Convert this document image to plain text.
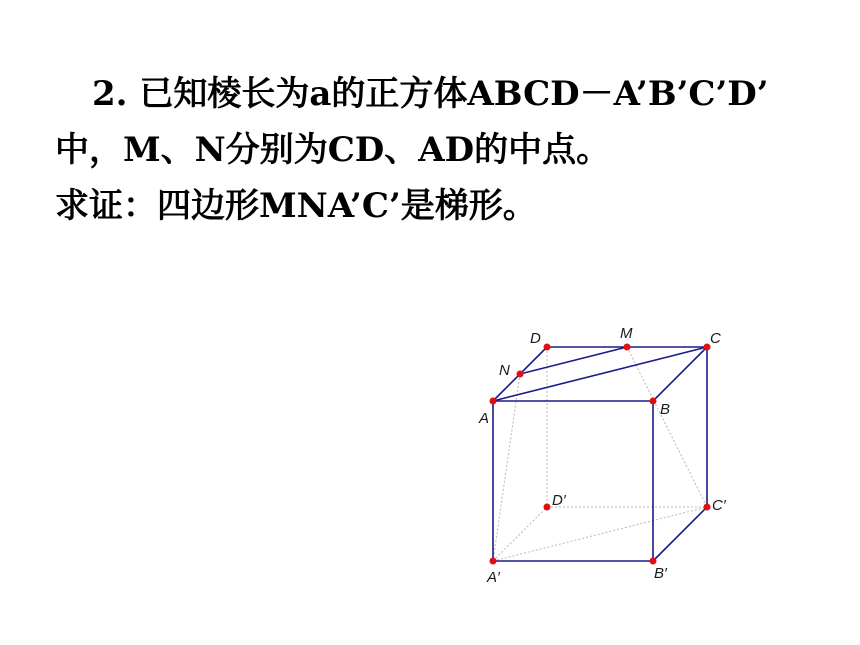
2. 已知棱长为a的正方体ABCD－A’B’C’D’
中，M、N分别为CD、AD的中点。
求证：四边形MNA’C’是梯形。
D	M	C
N
A
B
D′	C′
A′	B′
